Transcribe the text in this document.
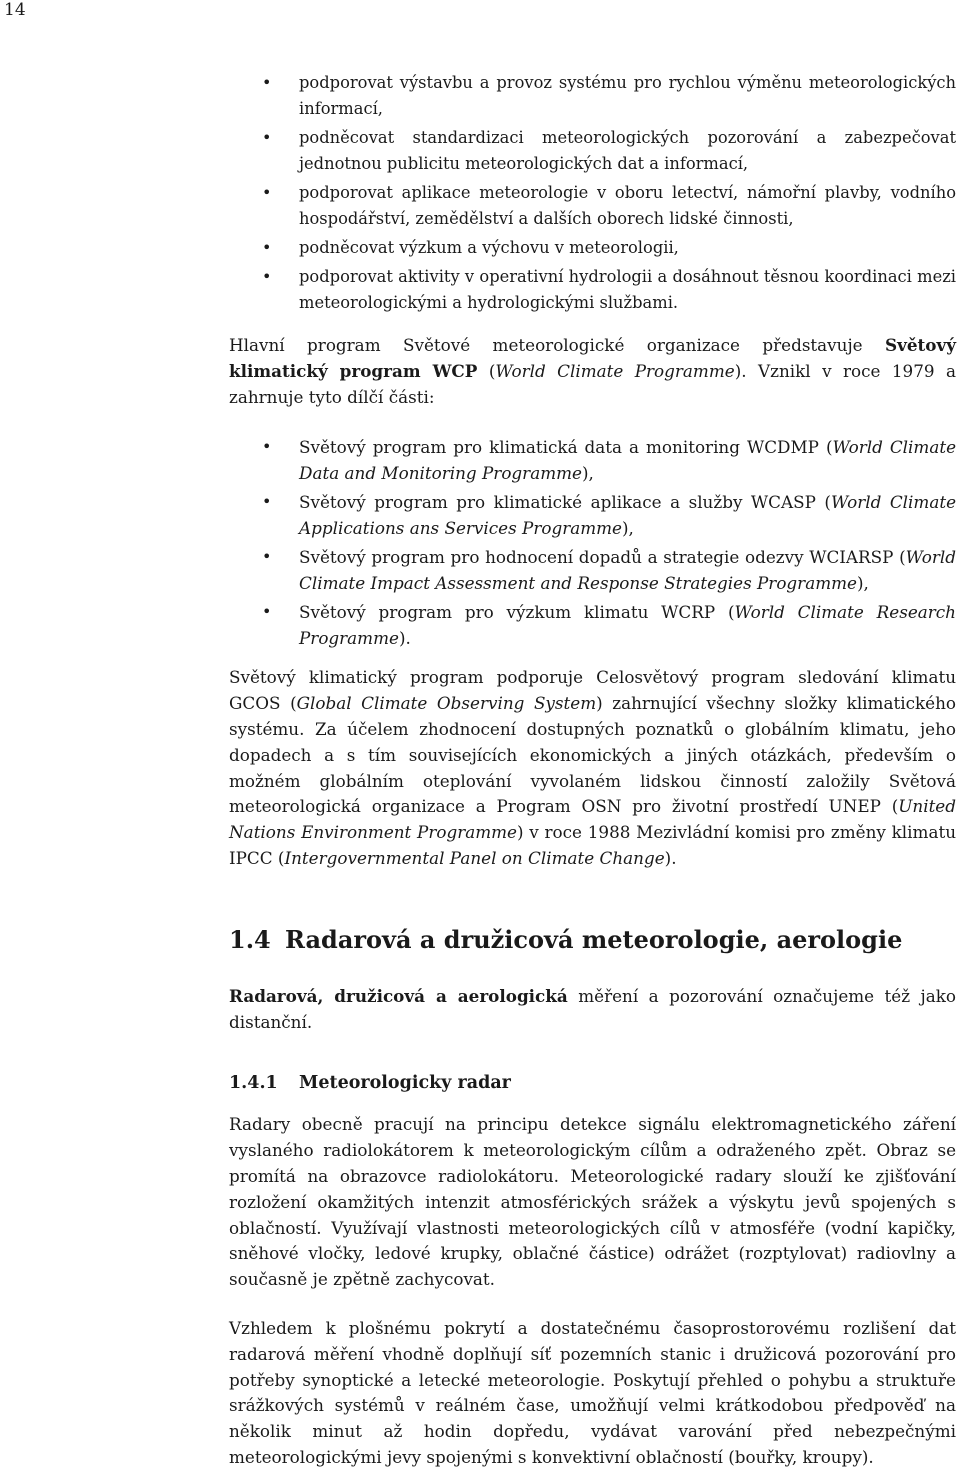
14
• podporovat výstavbu a provoz systému pro rychlou výměnu meteorologických informací,
• podněcovat standardizaci meteorologických pozorování a zabezpečovat jednotnou publicitu meteorologických dat a informací,
• podporovat aplikace meteorologie v oboru letectví, námořní plavby, vodního hospodářství, zemědělství a dalších oborech lidské činnosti,
• podněcovat výzkum a výchovu v meteorologii,
• podporovat aktivity v operativní hydrologii a dosáhnout těsnou koordinaci mezi meteorologickými a hydrologickými službami.

Hlavní program Světové meteorologické organizace představuje Světový klimatický program WCP (World Climate Programme). Vznikl v roce 1979 a zahrnuje tyto dílčí části:

• Světový program pro klimatická data a monitoring WCDMP (World Climate Data and Monitoring Programme),
• Světový program pro klimatické aplikace a služby WCASP (World Climate Applications ans Services Programme),
• Světový program pro hodnocení dopadů a strategie odezvy WCIARSP (World Climate Impact Assessment and Response Strategies Programme),
• Světový program pro výzkum klimatu WCRP (World Climate Research Programme).

Světový klimatický program podporuje Celosvětový program sledování klimatu GCOS (Global Climate Observing System) zahrnující všechny složky klimatického systému. Za účelem zhodnocení dostupných poznatků o globálním klimatu, jeho dopadech a s tím souvisejících ekonomických a jiných otázkách, především o možném globálním oteplování vyvolaném lidskou činností založily Světová meteorologická organizace a Program OSN pro životní prostředí UNEP (United Nations Environment Programme) v roce 1988 Mezivládní komisi pro změny klimatu IPCC (Intergovernmental Panel on Climate Change).

1.4 Radarová a družicová meteorologie, aerologie

Radarová, družicová a aerologická měření a pozorování označujeme též jako distanční.

1.4.1 Meteorologicky radar

Radary obecně pracují na principu detekce signálu elektromagnetického záření vyslaného radiolokátorem k meteorologickým cílům a odraženého zpět. Obraz se promítá na obrazovce radiolokátoru. Meteorologické radary slouží ke zjišťování rozložení okamžitých intenzit atmosférických srážek a výskytu jevů spojených s oblačností. Využívají vlastnosti meteorologických cílů v atmosféře (vodní kapičky, sněhové vločky, ledové krupky, oblačné částice) odrážet (rozptylovat) radiovlny a současně je zpětně zachycovat.

Vzhledem k plošnému pokrytí a dostatečnému časoprostorovému rozlišení dat radarová měření vhodně doplňují síť pozemních stanic i družicová pozorování pro potřeby synoptické a letecké meteorologie. Poskytují přehled o pohybu a struktuře srážkových systémů v reálném čase, umožňují velmi krátkodobou předpověď na několik minut až hodin dopředu, vydávat varování před nebezpečnými meteorologickými jevy spojenými s konvektivní oblačností (bouřky, kroupy).
